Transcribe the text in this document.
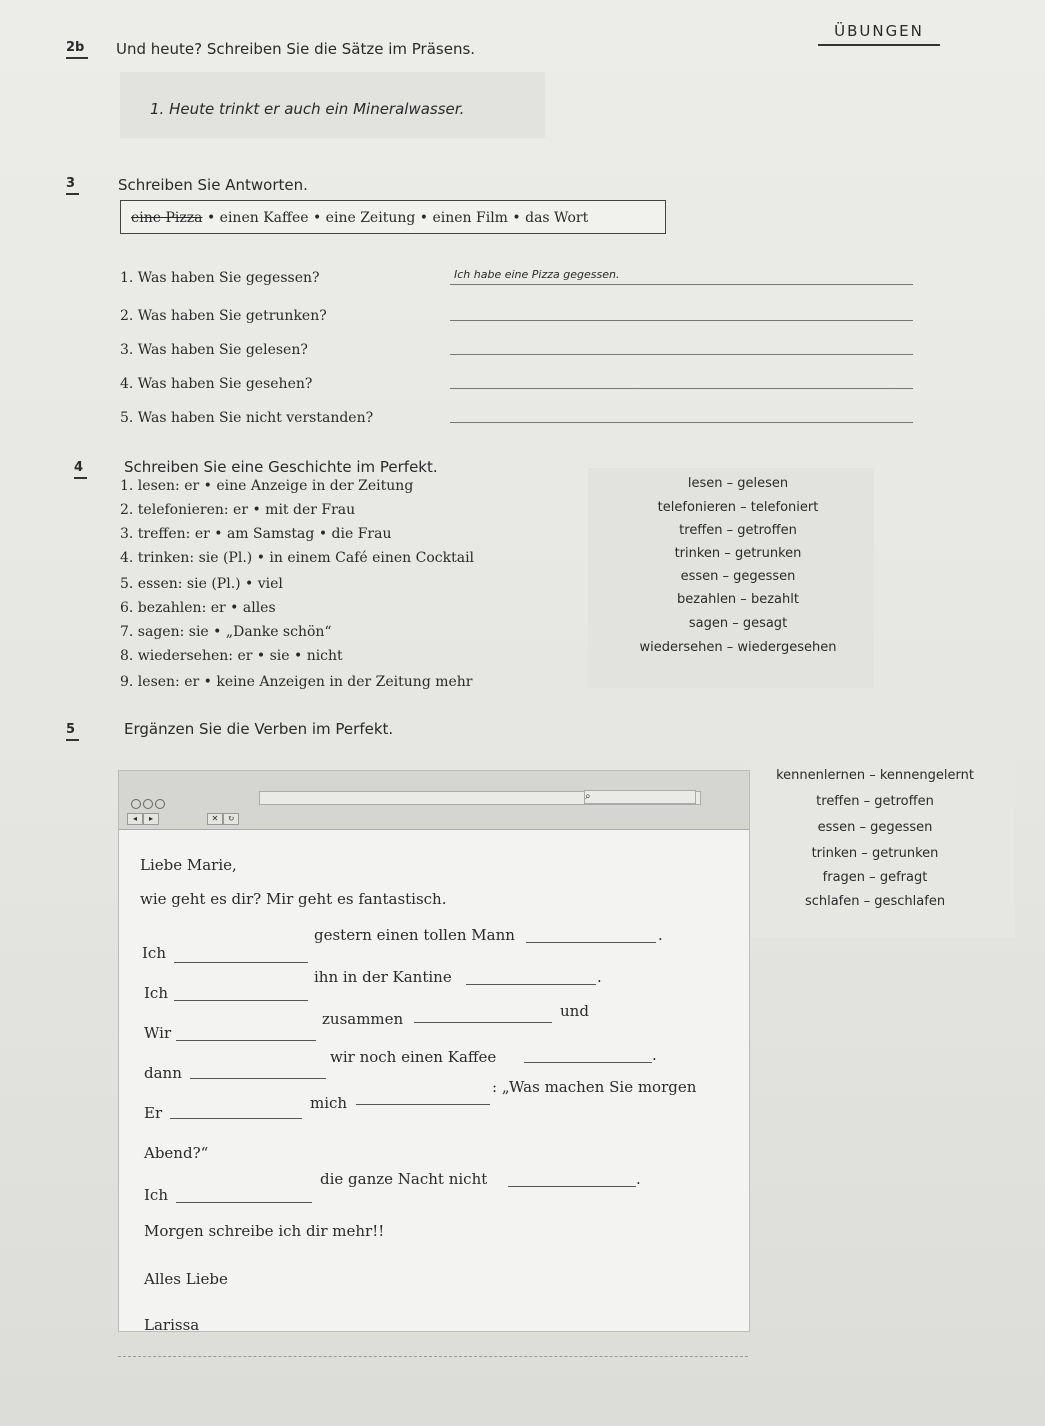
ÜBUNGEN
2b Und heute? Schreiben Sie die Sätze im Präsens.
1. Heute trinkt er auch ein Mineralwasser.
3	Schreiben Sie Antworten.
eine Pizza • einen Kaffee • eine Zeitung • einen Film • das Wort
1. Was haben Sie gegessen?
2. Was haben Sie getrunken?
3. Was haben Sie gelesen?
4. Was haben Sie gesehen?
5. Was haben Sie nicht verstanden?
Ich habe eine Pizza gegessen.
4	Schreiben Sie eine Geschichte im Perfekt.
1. lesen: er • eine Anzeige in der Zeitung
2. telefonieren: er • mit der Frau
3. treffen: er • am Samstag • die Frau
4. trinken: sie (Pl.) • in einem Café einen Cocktail
5. essen: sie (Pl.) • viel
6. bezahlen: er • alles
7. sagen: sie • „Danke schön“
8. wiedersehen: er • sie • nicht
9. lesen: er • keine Anzeigen in der Zeitung mehr
lesen – gelesen
telefonieren – telefoniert
treffen – getroffen
trinken – getrunken
essen – gegessen
bezahlen – bezahlt
sagen – gesagt
wiedersehen – wiedergesehen
5	Ergänzen Sie die Verben im Perfekt.
kennenlernen – kennengelernt
treffen – getroffen
essen – gegessen
trinken – getrunken
fragen – gefragt
schlafen – geschlafen
◂	▸	✕	↻
⌕
Liebe Marie,
wie geht es dir? Mir geht es fantastisch.
Ich
gestern einen tollen Mann	.
Ich
ihn in der Kantine	.
Wir
zusammen	und
dann
wir noch einen Kaffee	.
Er
mich
: „Was machen Sie morgen
Abend?“
Ich
die ganze Nacht nicht	.
Morgen schreibe ich dir mehr!!
Alles Liebe
Larissa
